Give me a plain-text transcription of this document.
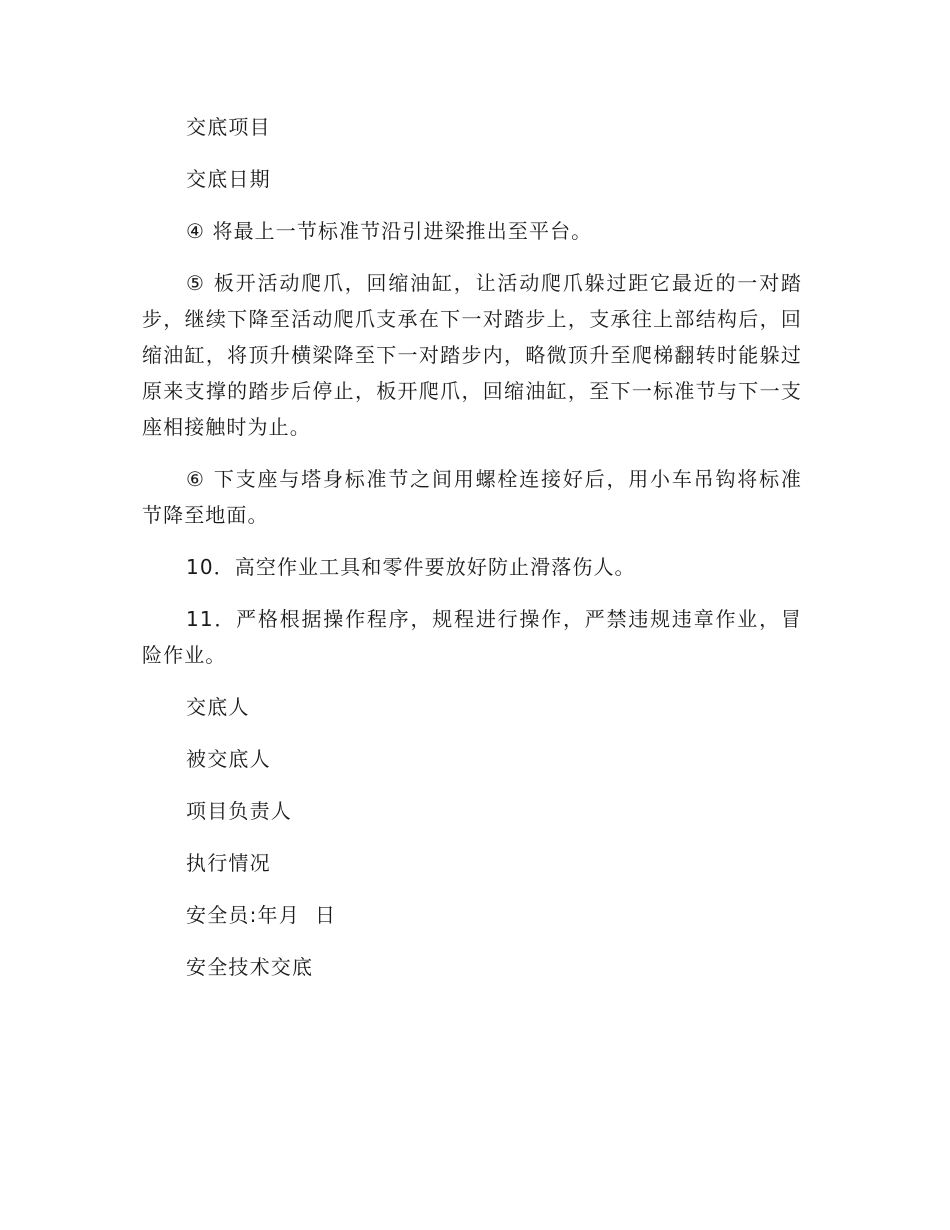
交底项目

交底日期

④ 将最上一节标准节沿引进梁推出至平台。

⑤ 板开活动爬爪，回缩油缸，让活动爬爪躲过距它最近的一对踏步，继续下降至活动爬爪支承在下一对踏步上，支承往上部结构后，回缩油缸，将顶升横梁降至下一对踏步内，略微顶升至爬梯翻转时能躲过原来支撑的踏步后停止，板开爬爪，回缩油缸，至下一标准节与下一支座相接触时为止。

⑥ 下支座与塔身标准节之间用螺栓连接好后，用小车吊钩将标准节降至地面。

10．高空作业工具和零件要放好防止滑落伤人。

11．严格根据操作程序，规程进行操作，严禁违规违章作业，冒险作业。

交底人

被交底人

项目负责人

执行情况

安全员:年月  日

安全技术交底
